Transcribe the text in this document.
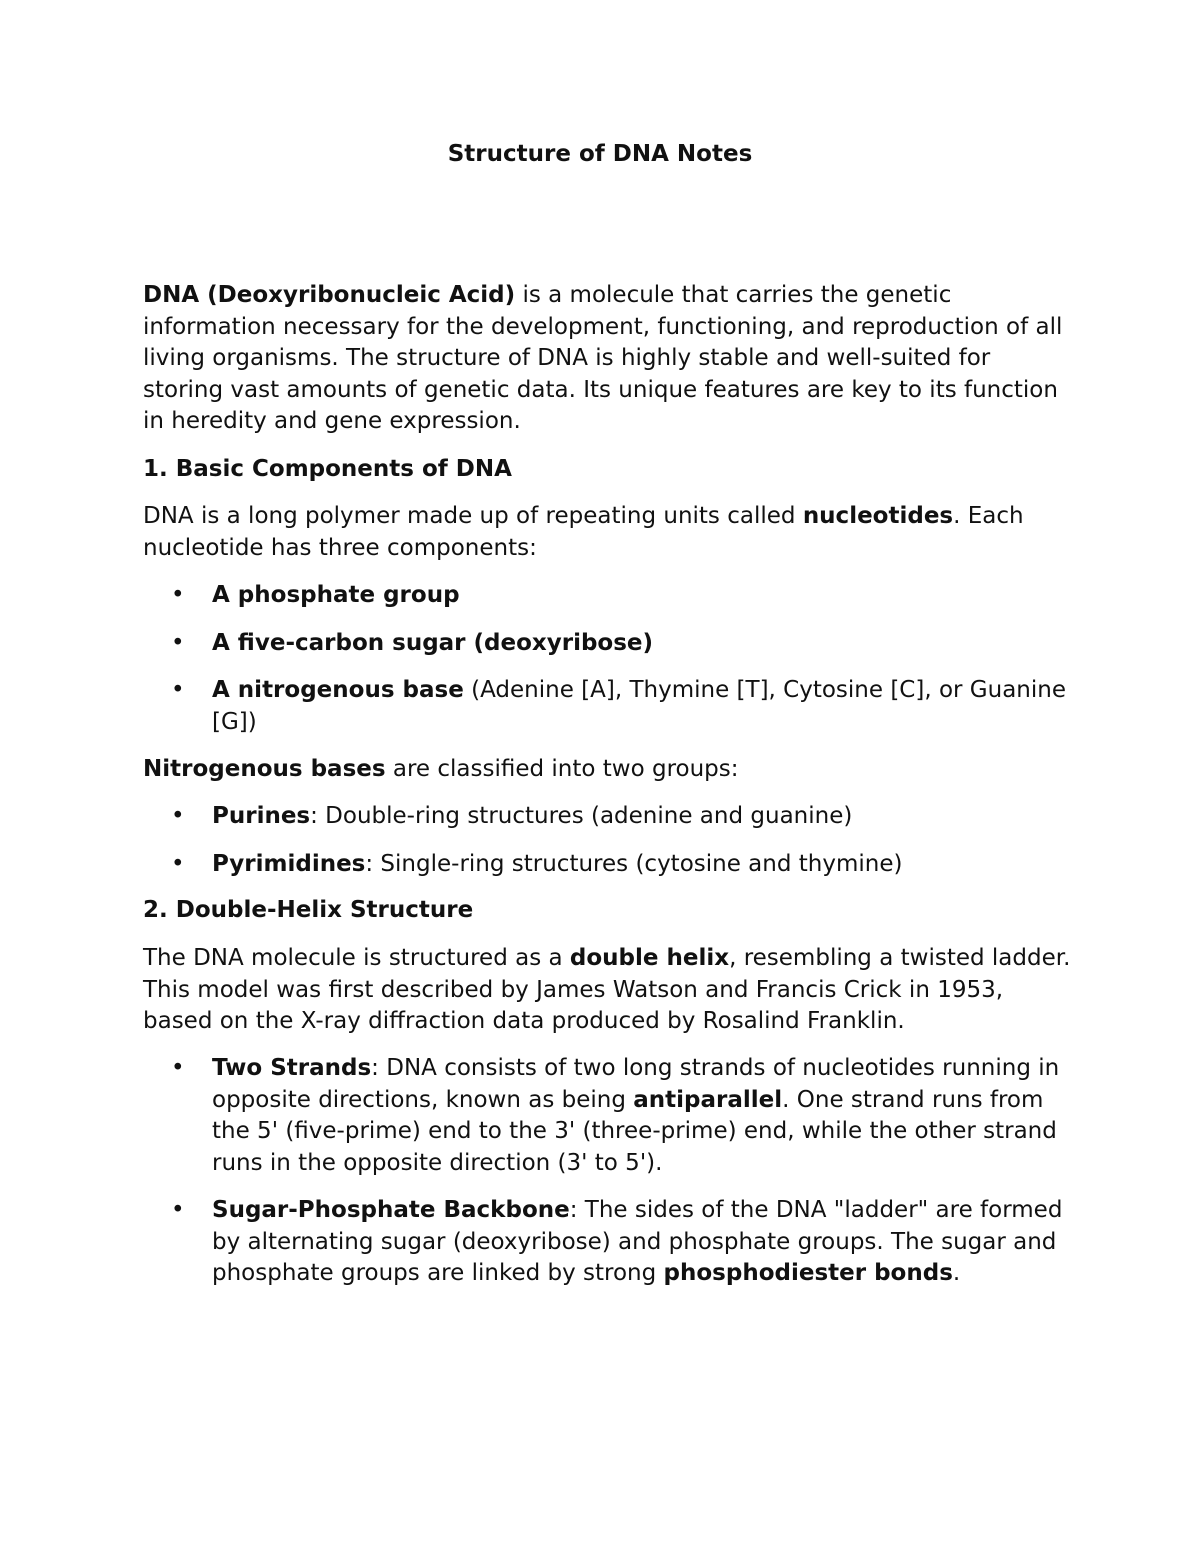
Structure of DNA Notes

DNA (Deoxyribonucleic Acid) is a molecule that carries the genetic information necessary for the development, functioning, and reproduction of all living organisms. The structure of DNA is highly stable and well-suited for storing vast amounts of genetic data. Its unique features are key to its function in heredity and gene expression.

1. Basic Components of DNA

DNA is a long polymer made up of repeating units called nucleotides. Each nucleotide has three components:

• A phosphate group
• A five-carbon sugar (deoxyribose)
• A nitrogenous base (Adenine [A], Thymine [T], Cytosine [C], or Guanine [G])

Nitrogenous bases are classified into two groups:

• Purines: Double-ring structures (adenine and guanine)
• Pyrimidines: Single-ring structures (cytosine and thymine)

2. Double-Helix Structure

The DNA molecule is structured as a double helix, resembling a twisted ladder. This model was first described by James Watson and Francis Crick in 1953, based on the X-ray diffraction data produced by Rosalind Franklin.

• Two Strands: DNA consists of two long strands of nucleotides running in opposite directions, known as being antiparallel. One strand runs from the 5' (five-prime) end to the 3' (three-prime) end, while the other strand runs in the opposite direction (3' to 5').
• Sugar-Phosphate Backbone: The sides of the DNA "ladder" are formed by alternating sugar (deoxyribose) and phosphate groups. The sugar and phosphate groups are linked by strong phosphodiester bonds.
